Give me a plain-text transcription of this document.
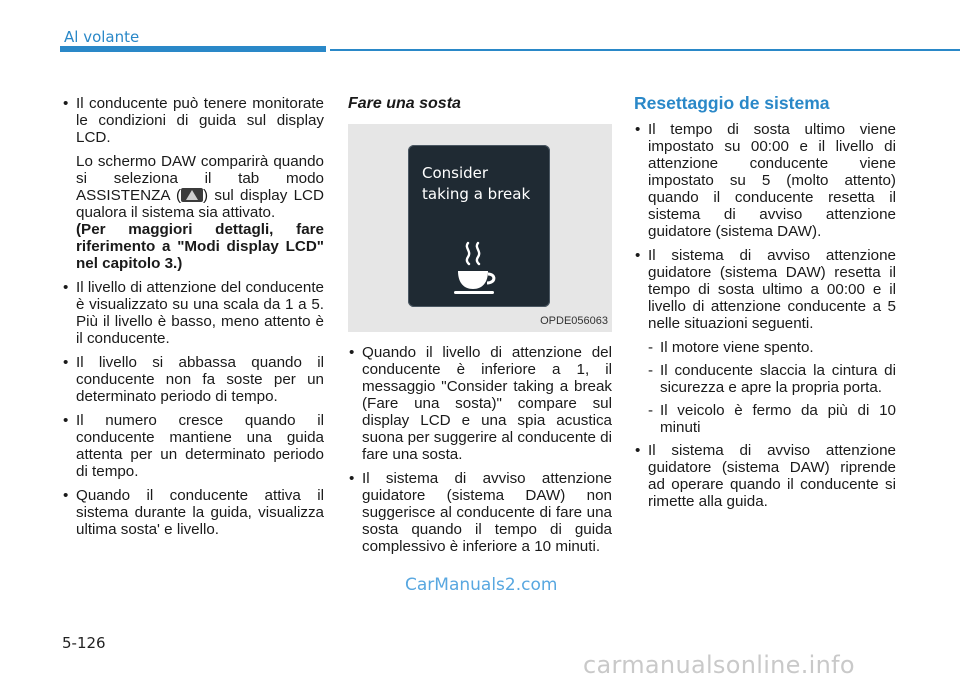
Al volante
• Il conducente può tenere monitorate le condizioni di guida sul display LCD.
Lo schermo DAW comparirà quando si seleziona il tab modo ASSISTENZA ( ) sul display LCD qualora il sistema sia attivato.
(Per maggiori dettagli, fare riferimento a "Modi display LCD" nel capitolo 3.)
• Il livello di attenzione del conducente è visualizzato su una scala da 1 a 5. Più il livello è basso, meno attento è il conducente.
• Il livello si abbassa quando il conducente non fa soste per un determinato periodo di tempo.
• Il numero cresce quando il conducente mantiene una guida attenta per un determinato periodo di tempo.
• Quando il conducente attiva il sistema durante la guida, visualizza ultima sosta' e livello.
Fare una sosta
Consider
taking a break
OPDE056063
• Quando il livello di attenzione del conducente è inferiore a 1, il messaggio "Consider taking a break (Fare una sosta)" compare sul display LCD e una spia acustica suona per suggerire al conducente di fare una sosta.
• Il sistema di avviso attenzione guidatore (sistema DAW) non suggerisce al conducente di fare una sosta quando il tempo di guida complessivo è inferiore a 10 minuti.
Resettaggio de sistema
• Il tempo di sosta ultimo viene impostato su 00:00 e il livello di attenzione conducente viene impostato su 5 (molto attento) quando il conducente resetta il sistema di avviso attenzione guidatore (sistema DAW).
• Il sistema di avviso attenzione guidatore (sistema DAW) resetta il tempo di sosta ultimo a 00:00 e il livello di attenzione conducente a 5 nelle situazioni seguenti.
- Il motore viene spento.
- Il conducente slaccia la cintura di sicurezza e apre la propria porta.
- Il veicolo è fermo da più di 10 minuti
• Il sistema di avviso attenzione guidatore (sistema DAW) riprende ad operare quando il conducente si rimette alla guida.
CarManuals2.com
5-126
carmanualsonline.info
